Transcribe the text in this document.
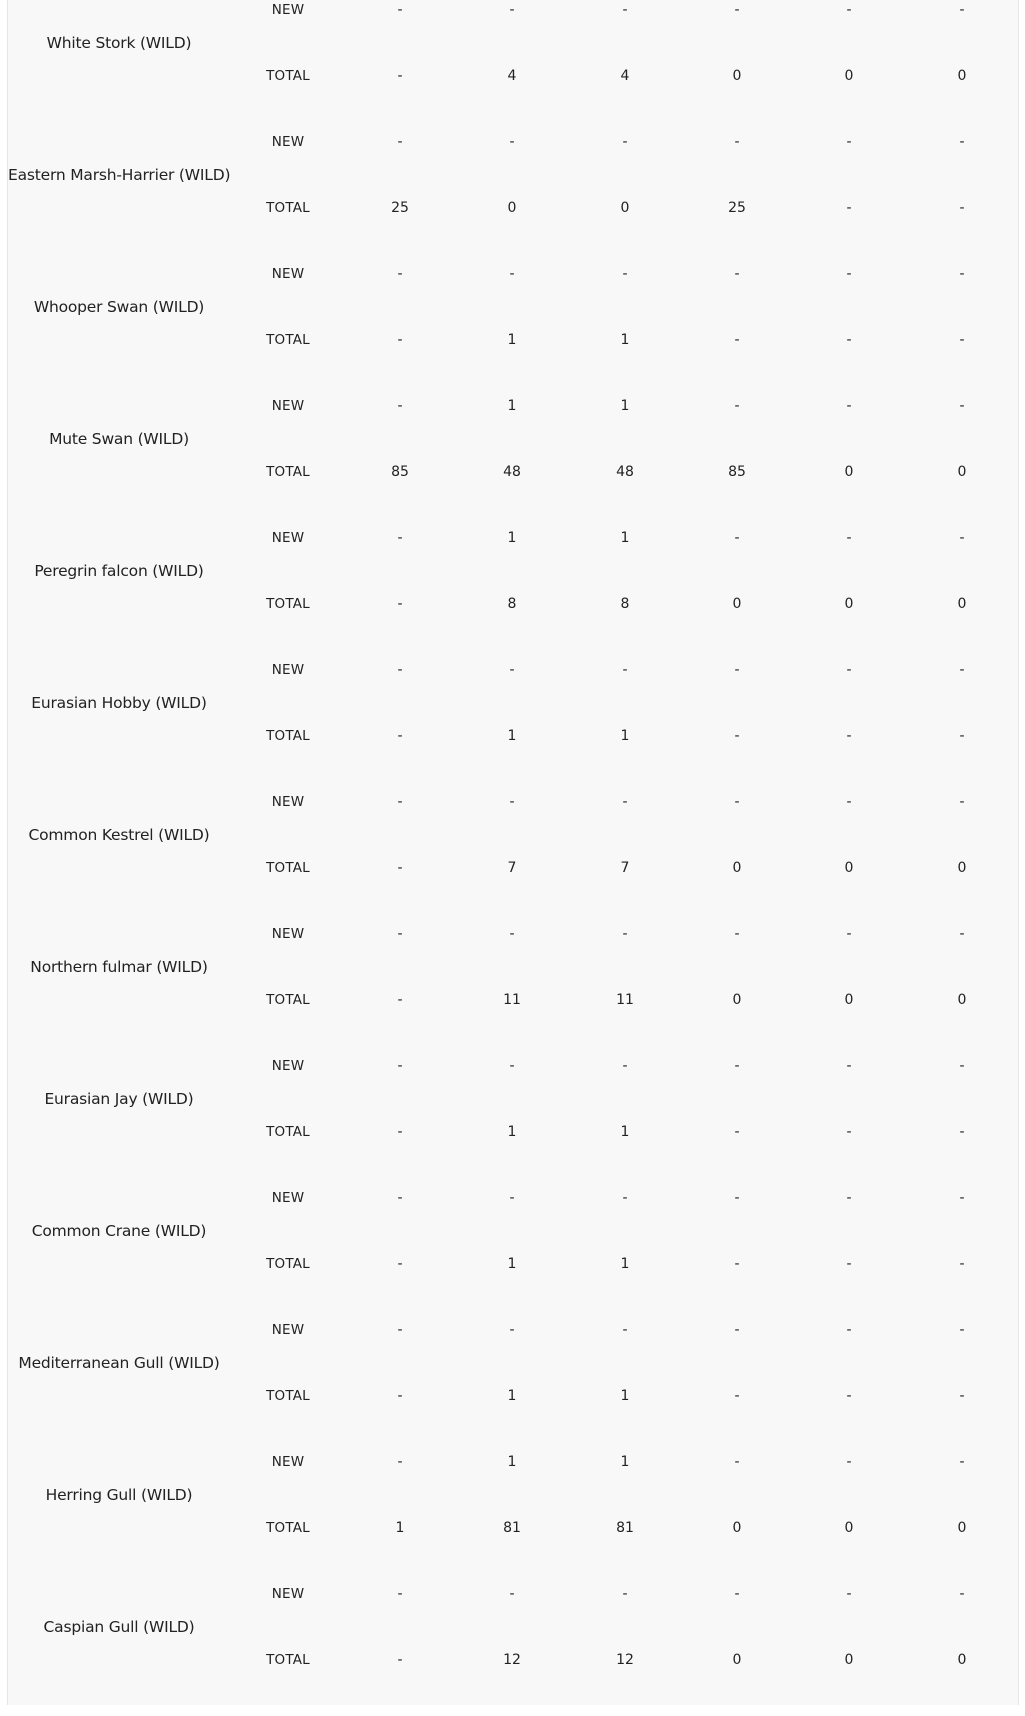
White Stork (WILD)
NEW	-	-	-	-	-	-
TOTAL	-	4	4	0	0	0
Eastern Marsh-Harrier (WILD)
NEW	-	-	-	-	-	-
TOTAL	25	0	0	25	-	-
Whooper Swan (WILD)
NEW	-	-	-	-	-	-
TOTAL	-	1	1	-	-	-
Mute Swan (WILD)
NEW	-	1	1	-	-	-
TOTAL	85	48	48	85	0	0
Peregrin falcon (WILD)
NEW	-	1	1	-	-	-
TOTAL	-	8	8	0	0	0
Eurasian Hobby (WILD)
NEW	-	-	-	-	-	-
TOTAL	-	1	1	-	-	-
Common Kestrel (WILD)
NEW	-	-	-	-	-	-
TOTAL	-	7	7	0	0	0
Northern fulmar (WILD)
NEW	-	-	-	-	-	-
TOTAL	-	11	11	0	0	0
Eurasian Jay (WILD)
NEW	-	-	-	-	-	-
TOTAL	-	1	1	-	-	-
Common Crane (WILD)
NEW	-	-	-	-	-	-
TOTAL	-	1	1	-	-	-
Mediterranean Gull (WILD)
NEW	-	-	-	-	-	-
TOTAL	-	1	1	-	-	-
Herring Gull (WILD)
NEW	-	1	1	-	-	-
TOTAL	1	81	81	0	0	0
Caspian Gull (WILD)
NEW	-	-	-	-	-	-
TOTAL	-	12	12	0	0	0
